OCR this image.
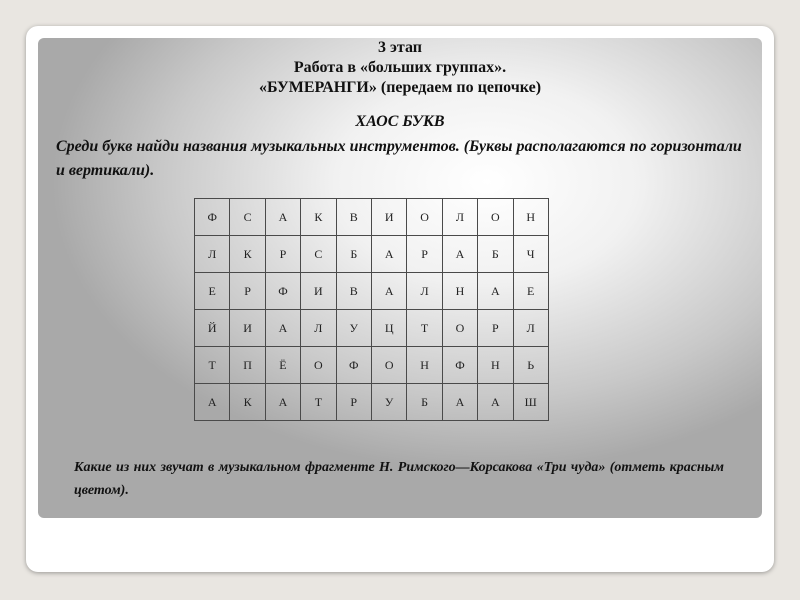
3 этап
Работа в «больших группах».
«БУМЕРАНГИ» (передаем по цепочке)
ХАОС БУКВ
Среди букв найди названия музыкальных инструментов. (Буквы располагаются по горизонтали и вертикали).
Ф	С	А	К	В	И	О	Л	О	Н
Л	К	Р	С	Б	А	Р	А	Б	Ч
Е	Р	Ф	И	В	А	Л	Н	А	Е
Й	И	А	Л	У	Ц	Т	О	Р	Л
Т	П	Ё	О	Ф	О	Н	Ф	Н	Ь
А	К	А	Т	Р	У	Б	А	А	Ш
Какие из них звучат в музыкальном фрагменте Н. Римского—Корсакова «Три чуда» (отметь красным цветом).
